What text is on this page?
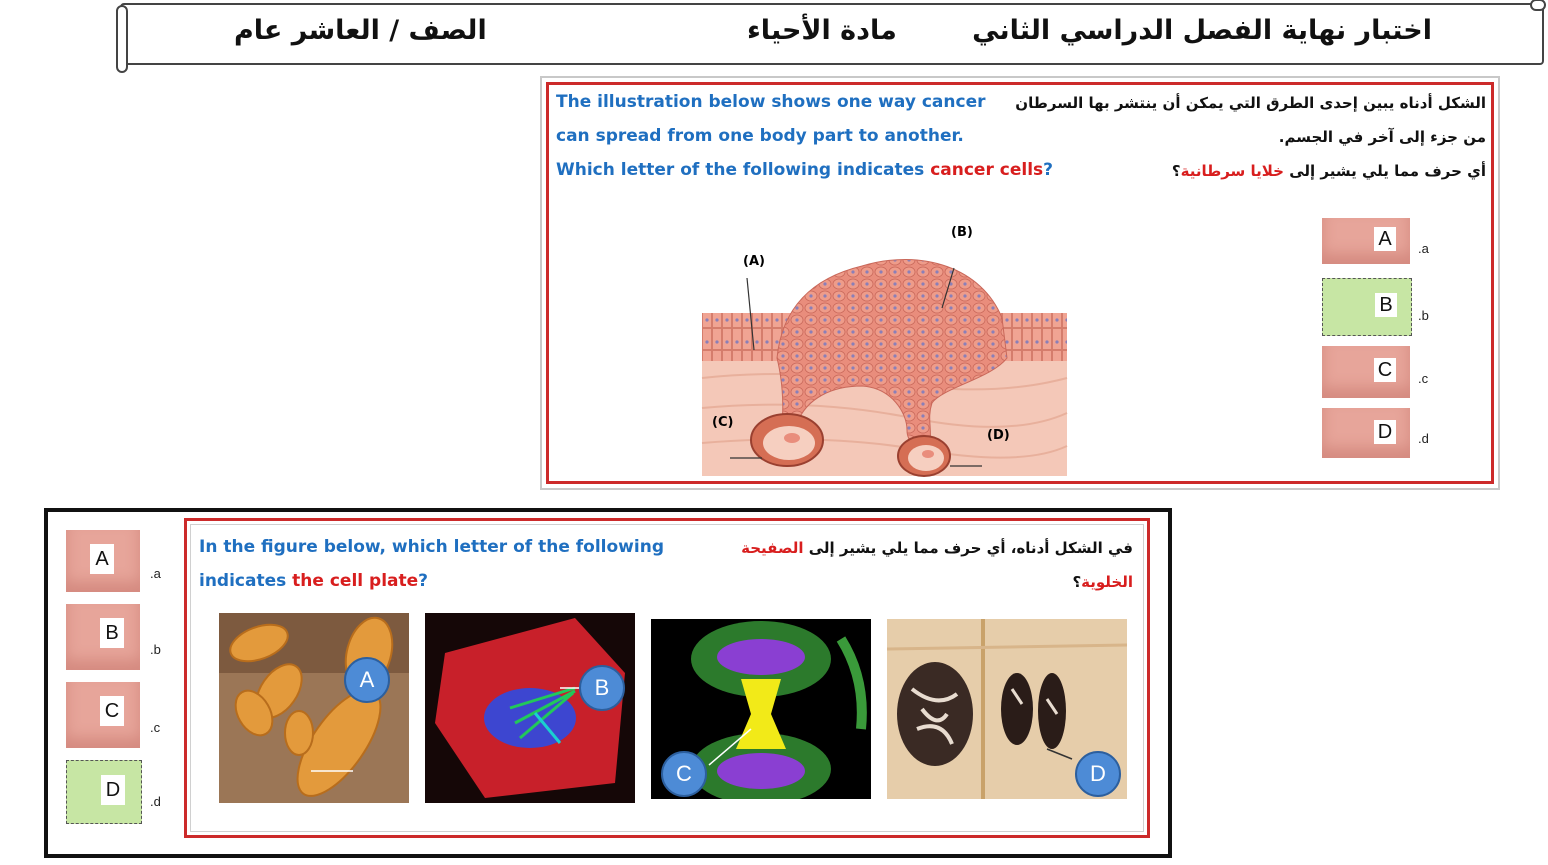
اختبار نهاية الفصل الدراسي الثاني
مادة الأحياء
الصف / العاشر عام
The illustration below shows one way cancer
can spread from one body part to another.
Which letter of the following indicates cancer cells?
الشكل أدناه يبين إحدى الطرق التي يمكن أن ينتشر بها السرطان
من جزء إلى آخر في الجسم.
أي حرف مما يلي يشير إلى خلايا سرطانية؟
(A)
(B)
(C)
(D)
A	.a
B	.b
C .c
D .d
A
.a
B
.b
C
.c
D
.d
In the figure below, which letter of the following
indicates the cell plate?
في الشكل أدناه، أي حرف مما يلي يشير إلى الصفيحة
الخلوية؟
A	B
C	D
